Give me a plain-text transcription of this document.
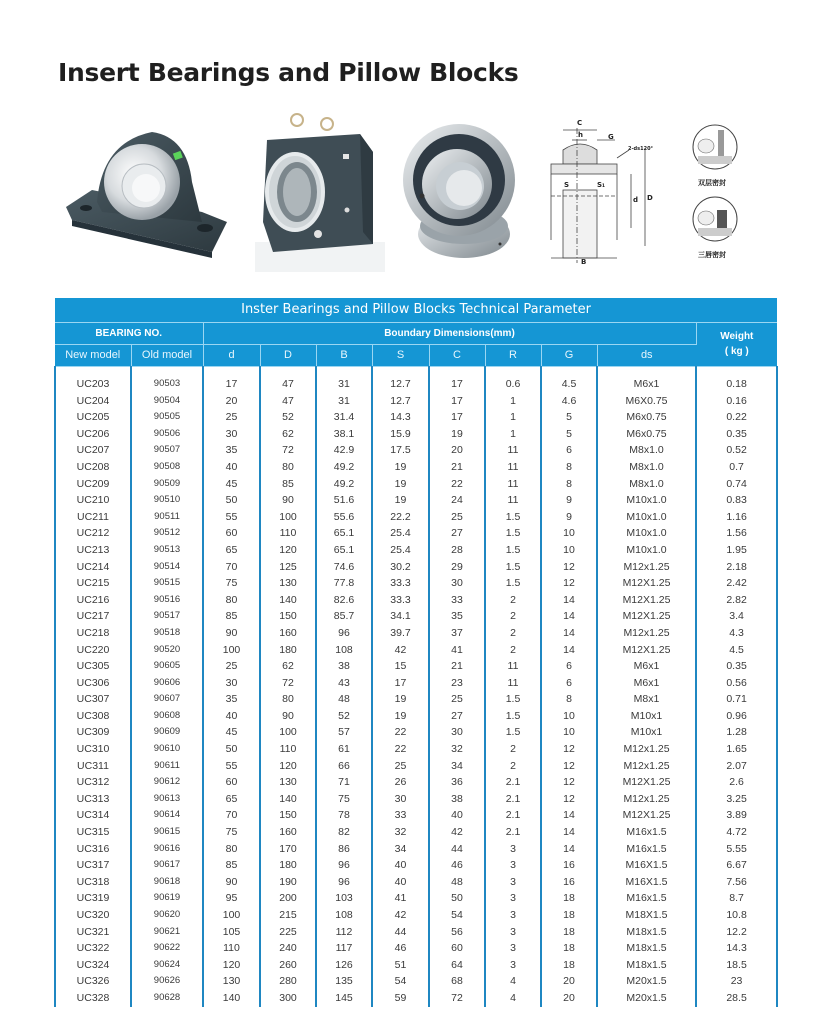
Insert Bearings and Pillow Blocks
C
h	G
2-ds120°
S	S₁
d D
B
双层密封
三唇密封
Inster Bearings and Pillow Blocks Technical Parameter										
BEARING NO.		Boundary Dimensions(mm)								Weight
( kg )

New model	Old model	d	D	B	S	C	R	G	ds	

UC203	90503	17	47	31	12.7	17	0.6	4.5	M6x1	0.18
UC204	90504	20	47	31	12.7	17	1	4.6	M6X0.75	0.16
UC205	90505	25	52	31.4	14.3	17	1	5	M6x0.75	0.22
UC206	90506	30	62	38.1	15.9	19	1	5	M6x0.75	0.35
UC207	90507	35	72	42.9	17.5	20	11	6	M8x1.0	0.52
UC208	90508	40	80	49.2	19	21	11	8	M8x1.0	0.7
UC209	90509	45	85	49.2	19	22	11	8	M8x1.0	0.74
UC210	90510	50	90	51.6	19	24	11	9	M10x1.0	0.83
UC211	90511	55	100	55.6	22.2	25	1.5	9	M10x1.0	1.16
UC212	90512	60	110	65.1	25.4	27	1.5	10	M10x1.0	1.56
UC213	90513	65	120	65.1	25.4	28	1.5	10	M10x1.0	1.95
UC214	90514	70	125	74.6	30.2	29	1.5	12	M12x1.25	2.18
UC215	90515	75	130	77.8	33.3	30	1.5	12	M12X1.25	2.42
UC216	90516	80	140	82.6	33.3	33	2	14	M12X1.25	2.82
UC217	90517	85	150	85.7	34.1	35	2	14	M12X1.25	3.4
UC218	90518	90	160	96	39.7	37	2	14	M12x1.25	4.3
UC220	90520	100	180	108	42	41	2	14	M12X1.25	4.5
UC305	90605	25	62	38	15	21	11	6	M6x1	0.35
UC306	90606	30	72	43	17	23	11	6	M6x1	0.56
UC307	90607	35	80	48	19	25	1.5	8	M8x1	0.71
UC308	90608	40	90	52	19	27	1.5	10	M10x1	0.96
UC309	90609	45	100	57	22	30	1.5	10	M10x1	1.28
UC310	90610	50	110	61	22	32	2	12	M12x1.25	1.65
UC311	90611	55	120	66	25	34	2	12	M12x1.25	2.07
UC312	90612	60	130	71	26	36	2.1	12	M12X1.25	2.6
UC313	90613	65	140	75	30	38	2.1	12	M12x1.25	3.25
UC314	90614	70	150	78	33	40	2.1	14	M12X1.25	3.89
UC315	90615	75	160	82	32	42	2.1	14	M16x1.5	4.72
UC316	90616	80	170	86	34	44	3	14	M16x1.5	5.55
UC317	90617	85	180	96	40	46	3	16	M16X1.5	6.67
UC318	90618	90	190	96	40	48	3	16	M16X1.5	7.56
UC319	90619	95	200	103	41	50	3	18	M16x1.5	8.7
UC320	90620	100	215	108	42	54	3	18	M18X1.5	10.8
UC321	90621	105	225	112	44	56	3	18	M18x1.5	12.2
UC322	90622	110	240	117	46	60	3	18	M18x1.5	14.3
UC324	90624	120	260	126	51	64	3	18	M18x1.5	18.5
UC326	90626	130	280	135	54	68	4	20	M20x1.5	23
UC328	90628	140	300	145	59	72	4	20	M20x1.5	28.5
